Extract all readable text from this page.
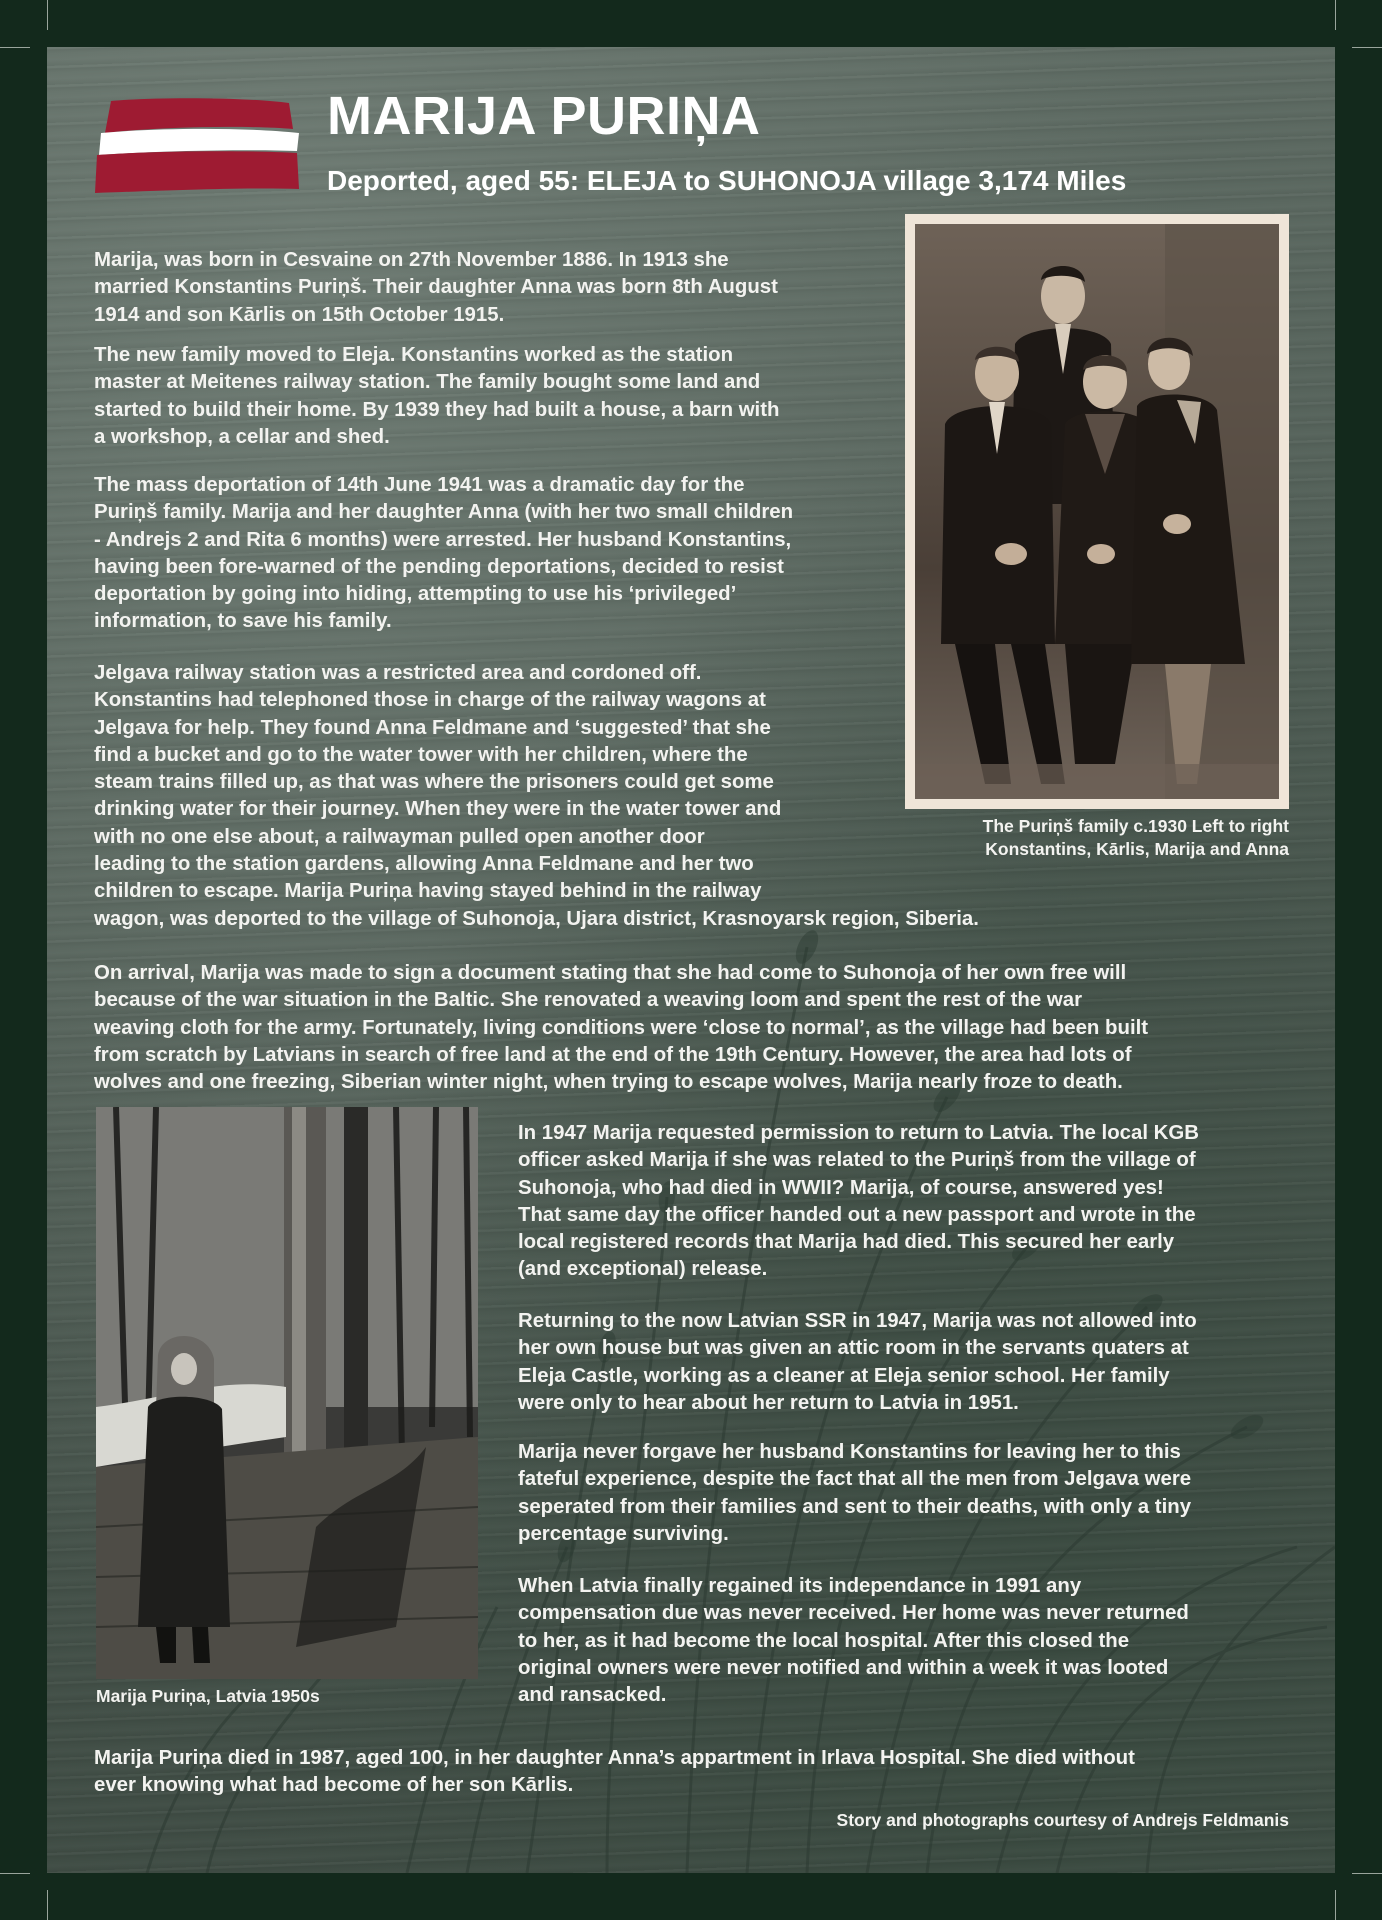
MARIJA PURIŅA
Deported, aged 55: ELEJA to SUHONOJA village 3,174 Miles

The Puriņš family c.1930 Left to right
Konstantins, Kārlis, Marija and Anna

Marija, was born in Cesvaine on 27th November 1886. In 1913 she
married Konstantins Puriņš. Their daughter Anna was born 8th August
1914 and son Kārlis on 15th October 1915.

The new family moved to Eleja. Konstantins worked as the station
master at Meitenes railway station. The family bought some land and
started to build their home. By 1939 they had built a house, a barn with
a workshop, a cellar and shed.

The mass deportation of 14th June 1941 was a dramatic day for the
Puriņš family. Marija and her daughter Anna (with her two small children
- Andrejs 2 and Rita 6 months) were arrested. Her husband Konstantins,
having been fore-warned of the pending deportations, decided to resist
deportation by going into hiding, attempting to use his ‘privileged’
information, to save his family.

Jelgava railway station was a restricted area and cordoned off.
Konstantins had telephoned those in charge of the railway wagons at
Jelgava for help. They found Anna Feldmane and ‘suggested’ that she
find a bucket and go to the water tower with her children, where the
steam trains filled up, as that was where the prisoners could get some
drinking water for their journey. When they were in the water tower and
with no one else about, a railwayman pulled open another door
leading to the station gardens, allowing Anna Feldmane and her two
children to escape. Marija Puriņa having stayed behind in the railway
wagon, was deported to the village of Suhonoja, Ujara district, Krasnoyarsk region, Siberia.

On arrival, Marija was made to sign a document stating that she had come to Suhonoja of her own free will
because of the war situation in the Baltic. She renovated a weaving loom and spent the rest of the war
weaving cloth for the army. Fortunately, living conditions were ‘close to normal’, as the village had been built
from scratch by Latvians in search of free land at the end of the 19th Century. However, the area had lots of
wolves and one freezing, Siberian winter night, when trying to escape wolves, Marija nearly froze to death.

Marija Puriņa, Latvia 1950s

In 1947 Marija requested permission to return to Latvia. The local KGB
officer asked Marija if she was related to the Puriņš from the village of
Suhonoja, who had died in WWII? Marija, of course, answered yes!
That same day the officer handed out a new passport and wrote in the
local registered records that Marija had died. This secured her early
(and exceptional) release.

Returning to the now Latvian SSR in 1947, Marija was not allowed into
her own house but was given an attic room in the servants quaters at
Eleja Castle, working as a cleaner at Eleja senior school. Her family
were only to hear about her return to Latvia in 1951.

Marija never forgave her husband Konstantins for leaving her to this
fateful experience, despite the fact that all the men from Jelgava were
seperated from their families and sent to their deaths, with only a tiny
percentage surviving.

When Latvia finally regained its independance in 1991 any
compensation due was never received. Her home was never returned
to her, as it had become the local hospital. After this closed the
original owners were never notified and within a week it was looted
and ransacked.

Marija Puriņa died in 1987, aged 100, in her daughter Anna’s appartment in Irlava Hospital. She died without
ever knowing what had become of her son Kārlis.

Story and photographs courtesy of Andrejs Feldmanis
